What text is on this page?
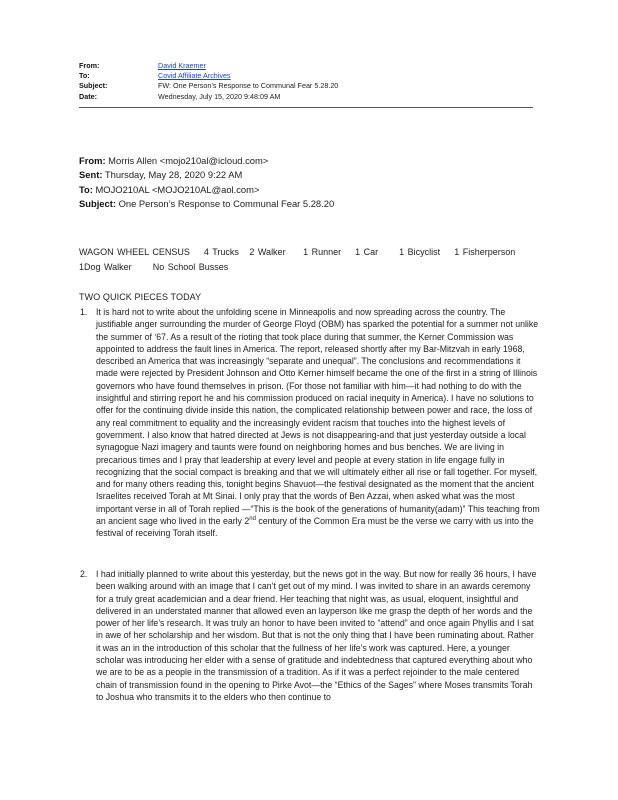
From:	David Kraemer
To:	Covid Affiliate Archives
Subject:	FW: One Person’s Response to Communal Fear 5.28.20
Date:	Wednesday, July 15, 2020 9:48:09 AM
From: Morris Allen <mojo210al@icloud.com>
Sent: Thursday, May 28, 2020 9:22 AM
To: MOJO210AL <MOJO210AL@aol.com>
Subject: One Person’s Response to Communal Fear 5.28.20
WAGON WHEEL CENSUS 4 Trucks 2 Walker 1 Runner 1 Car 1 Bicyclist 1 Fisherperson
1Dog Walker No School Busses
TWO QUICK PIECES TODAY
1. It is hard not to write about the unfolding scene in Minneapolis and now spreading across the country. The justifiable anger surrounding the murder of George Floyd (OBM) has sparked the potential for a summer not unlike the summer of ‘67. As a result of the rioting that took place during that summer, the Kerner Commission was appointed to address the fault lines in America. The report, released shortly after my Bar-Mitzvah in early 1968, described an America that was increasingly “separate and unequal”. The conclusions and recommendations it made were rejected by President Johnson and Otto Kerner himself became the one of the first in a string of Illinois governors who have found themselves in prison. (For those not familiar with him—it had nothing to do with the insightful and stirring report he and his commission produced on racial inequity in America). I have no solutions to offer for the continuing divide inside this nation, the complicated relationship between power and race, the loss of any real commitment to equality and the increasingly evident racism that touches into the highest levels of government. I also know that hatred directed at Jews is not disappearing-and that just yesterday outside a local synagogue Nazi imagery and taunts were found on neighboring homes and bus benches. We are living in precarious times and I pray that leadership at every level and people at every station in life engage fully in recognizing that the social compact is breaking and that we will ultimately either all rise or fall together. For myself, and for many others reading this, tonight begins Shavuot—the festival designated as the moment that the ancient Israelites received Torah at Mt Sinai. I only pray that the words of Ben Azzai, when asked what was the most important verse in all of Torah replied —“This is the book of the generations of humanity(adam)” This teaching from an ancient sage who lived in the early 2nd century of the Common Era must be the verse we carry with us into the festival of receiving Torah itself.
2. I had initially planned to write about this yesterday, but the news got in the way. But now for really 36 hours, I have been walking around with an image that I can’t get out of my mind. I was invited to share in an awards ceremony for a truly great academician and a dear friend. Her teaching that night was, as usual, eloquent, insightful and delivered in an understated manner that allowed even an layperson like me grasp the depth of her words and the power of her life’s research. It was truly an honor to have been invited to “attend” and once again Phyllis and I sat in awe of her scholarship and her wisdom. But that is not the only thing that I have been ruminating about. Rather it was an in the introduction of this scholar that the fullness of her life’s work was captured. Here, a younger scholar was introducing her elder with a sense of gratitude and indebtedness that captured everything about who we are to be as a people in the transmission of a tradition. As if it was a perfect rejoinder to the male centered chain of transmission found in the opening to Pirke Avot—the “Ethics of the Sages” where Moses transmits Torah to Joshua who transmits it to the elders who then continue to
